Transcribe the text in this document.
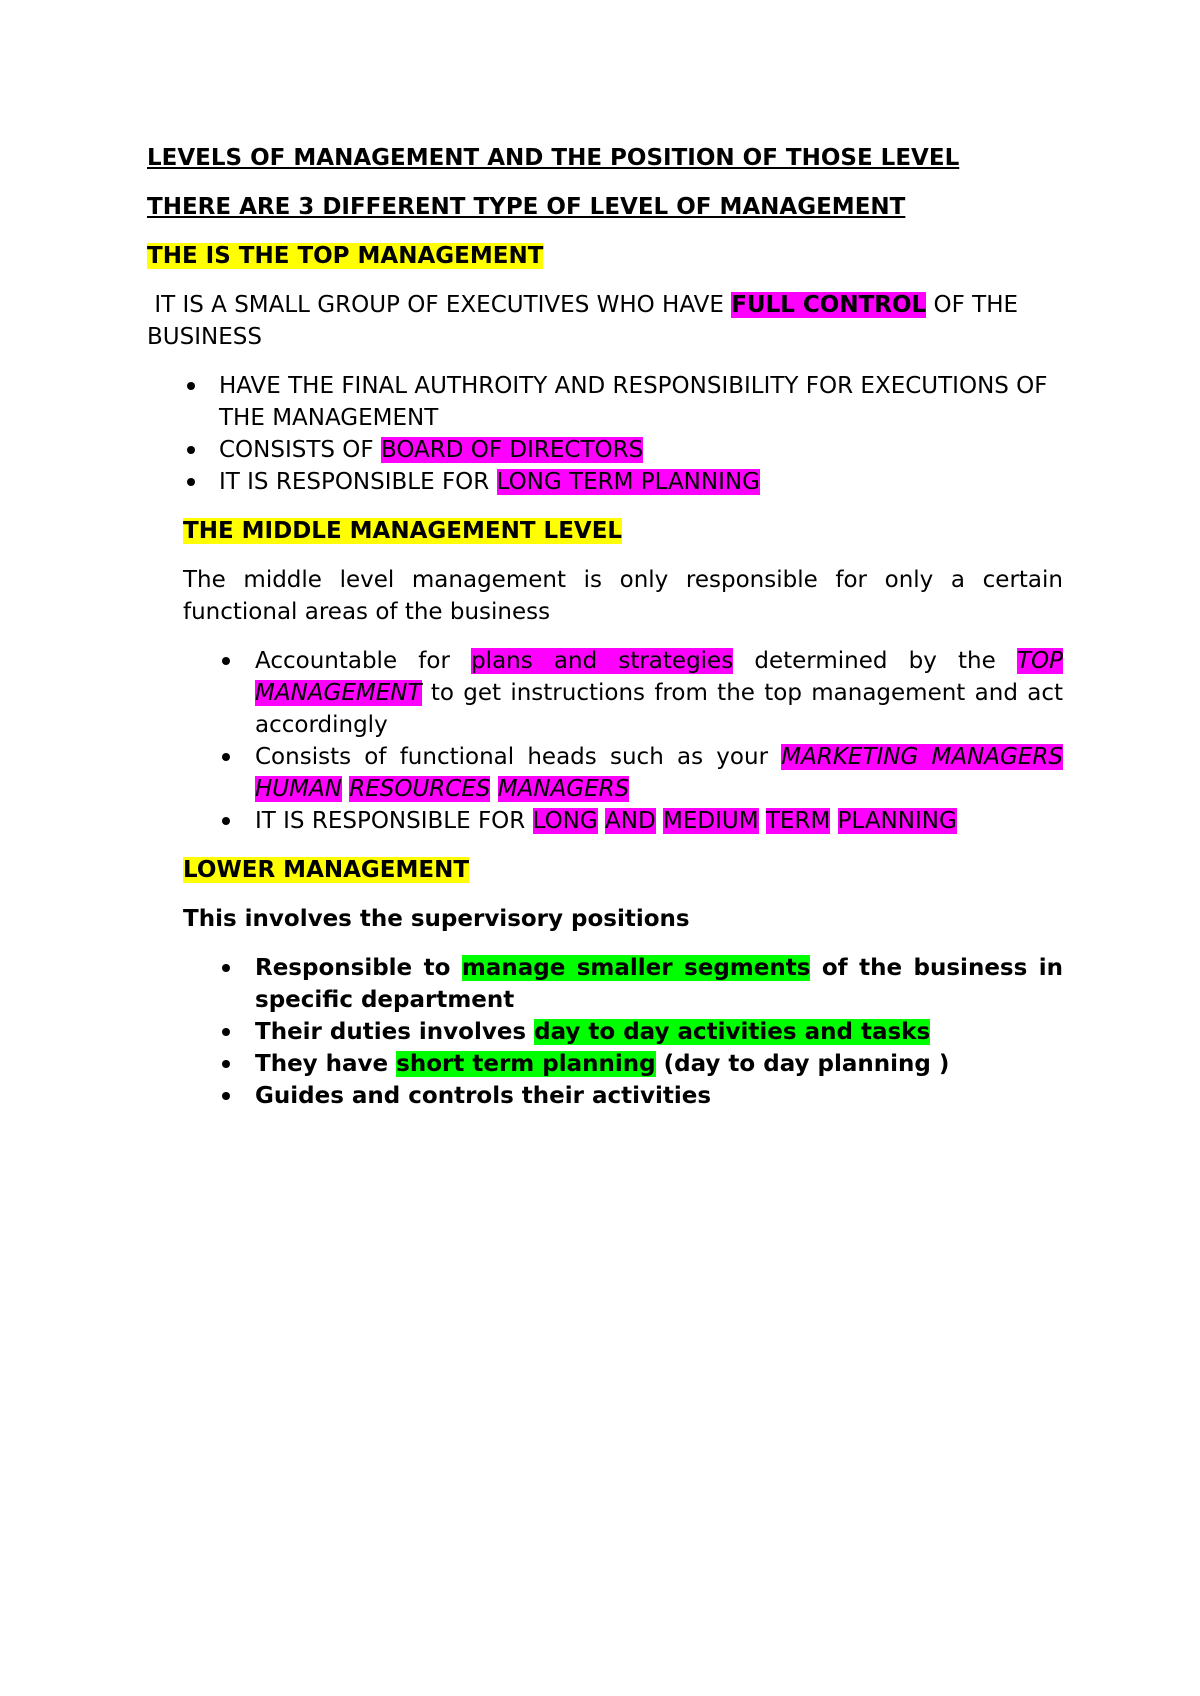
LEVELS OF MANAGEMENT AND THE POSITION OF THOSE LEVEL

THERE ARE 3 DIFFERENT TYPE OF LEVEL OF MANAGEMENT

THE IS THE TOP MANAGEMENT

IT IS A SMALL GROUP OF EXECUTIVES WHO HAVE FULL CONTROL OF THE BUSINESS

HAVE THE FINAL AUTHROITY AND RESPONSIBILITY FOR EXECUTIONS OF THE MANAGEMENT
CONSISTS OF BOARD OF DIRECTORS
IT IS RESPONSIBLE FOR LONG TERM PLANNING

THE MIDDLE MANAGEMENT LEVEL

The middle level management is only responsible for only a certain functional areas of the business

Accountable for plans and strategies determined by the TOP MANAGEMENT to get instructions from the top management and act accordingly
Consists of functional heads such as your MARKETING MANAGERS HUMAN RESOURCES MANAGERS
IT IS RESPONSIBLE FOR LONG AND MEDIUM TERM PLANNING

LOWER MANAGEMENT

This involves the supervisory positions

Responsible to manage smaller segments of the business in specific department
Their duties involves day to day activities and tasks
They have short term planning (day to day planning )
Guides and controls their activities
